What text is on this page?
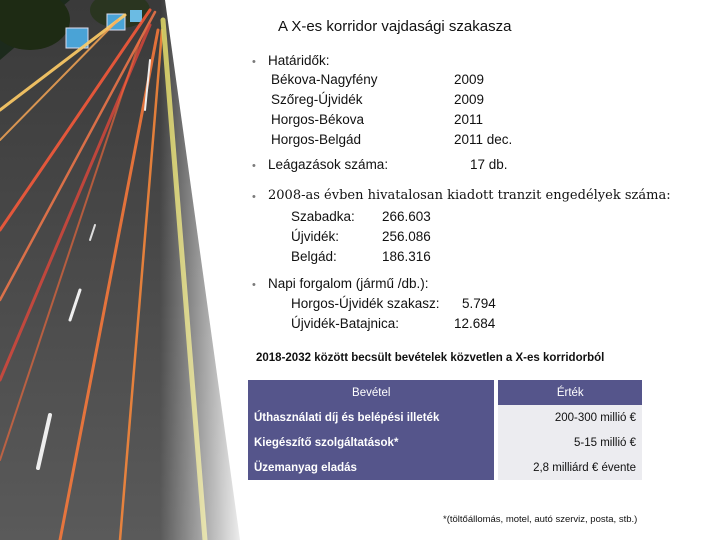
A X-es korridor vajdasági szakasza
• Határidők:
Békova-Nagyfény	2009
Szőreg-Újvidék	2009
Horgos-Békova	2011
Horgos-Belgád	2011 dec.
• Leágazások száma:	17 db.
• 2008-as évben hivatalosan kiadott tranzit engedélyek száma:
Szabadka: 266.603
Újvidék:	256.086
Belgád:	186.316
• Napi forgalom (jármű /db.):
Horgos-Újvidék szakasz: 5.794
Újvidék-Batajnica:	12.684
2018-2032 között becsült bevételek közvetlen a X-es korridorból
Bevétel		Érték
Úthasználati díj és belépési illeték		200-300 millió €
Kiegészítő szolgáltatások*		5-15 millió €
Üzemanyag eladás		2,8 milliárd € évente
*(töltőállomás, motel, autó szerviz, posta, stb.)
